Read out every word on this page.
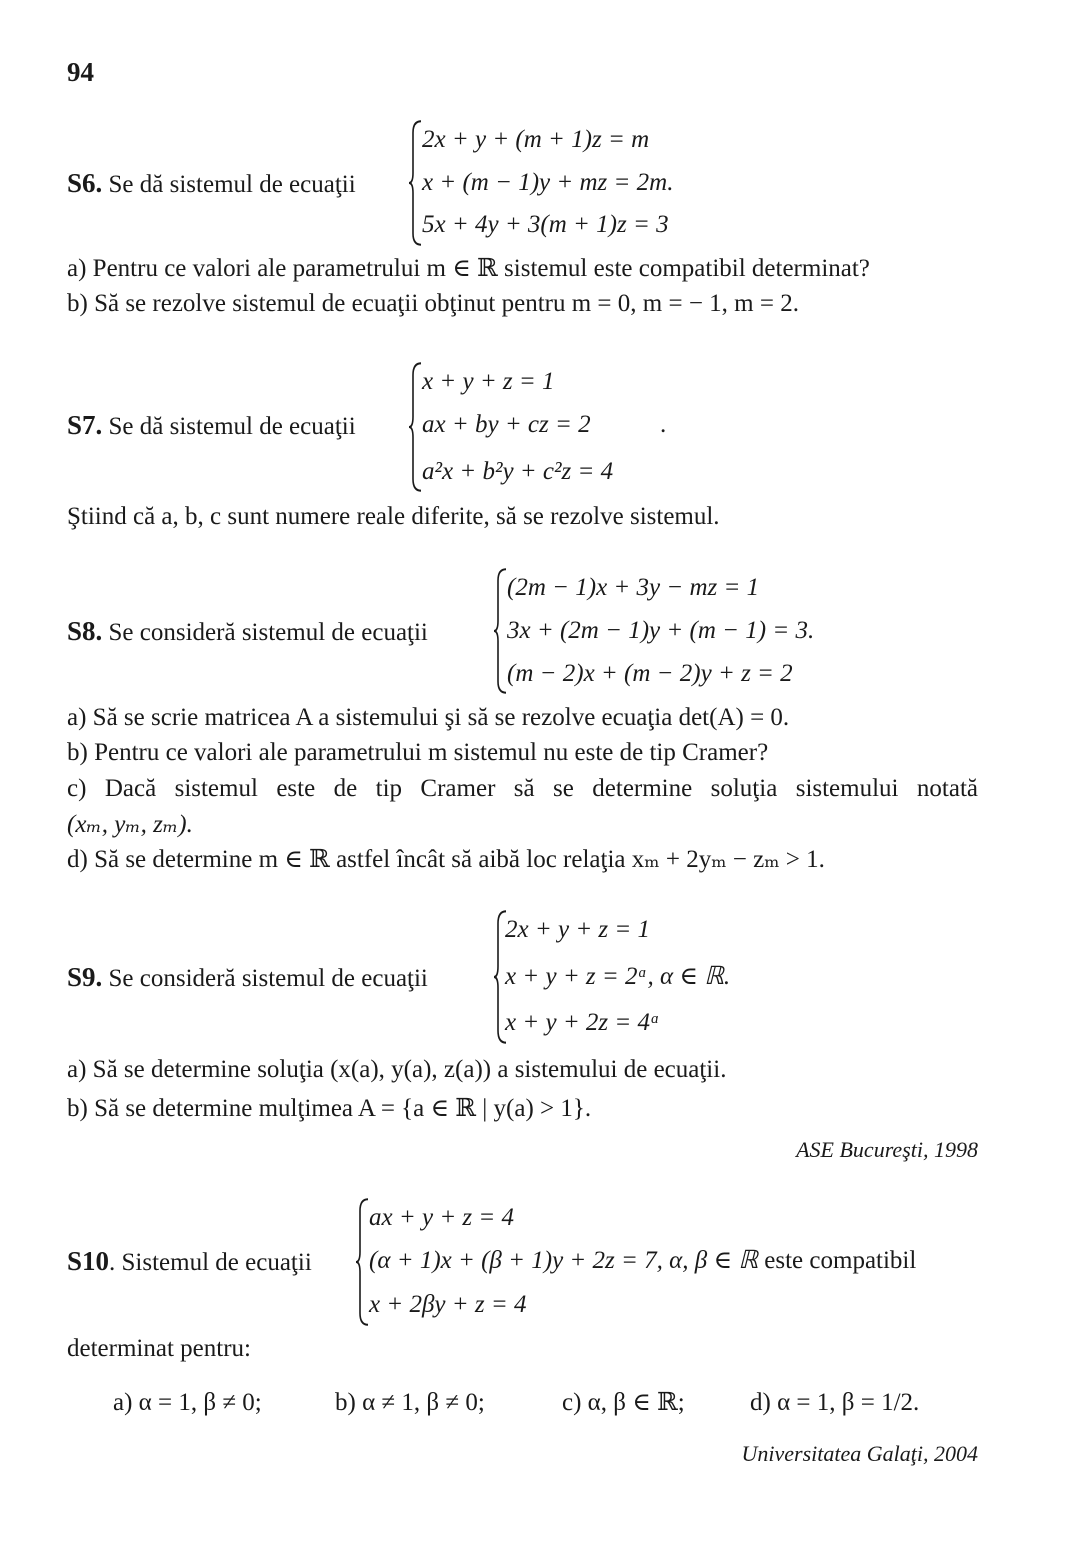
94
S6. Se dă sistemul de ecuaţii
2x + y + (m + 1)z = m
x + (m − 1)y + mz = 2m.
5x + 4y + 3(m + 1)z = 3
a) Pentru ce valori ale parametrului m ∈ ℝ sistemul este compatibil determinat?
b) Să se rezolve sistemul de ecuaţii obţinut pentru m = 0, m = − 1, m = 2.
S7. Se dă sistemul de ecuaţii
x + y + z = 1
ax + by + cz = 2
a²x + b²y + c²z = 4
.
Ştiind că a, b, c sunt numere reale diferite, să se rezolve sistemul.
S8. Se consideră sistemul de ecuaţii
(2m − 1)x + 3y − mz = 1
3x + (2m − 1)y + (m − 1) = 3.
(m − 2)x + (m − 2)y + z = 2
a) Să se scrie matricea A a sistemului şi să se rezolve ecuaţia det(A) = 0.
b) Pentru ce valori ale parametrului m sistemul nu este de tip Cramer?
c) Dacă sistemul este de tip Cramer să se determine soluţia sistemului notată
(xₘ, yₘ, zₘ).
d) Să se determine m ∈ ℝ astfel încât să aibă loc relaţia xₘ + 2yₘ − zₘ > 1.
S9. Se consideră sistemul de ecuaţii
2x + y + z = 1
x + y + z = 2ᵅ, α ∈ ℝ.
x + y + 2z = 4ᵅ
a) Să se determine soluţia (x(a), y(a), z(a)) a sistemului de ecuaţii.
b) Să se determine mulţimea A = {a ∈ ℝ | y(a) > 1}.
ASE Bucureşti, 1998
S10. Sistemul de ecuaţii
ax + y + z = 4
(α + 1)x + (β + 1)y + 2z = 7, α, β ∈ ℝ este compatibil
x + 2βy + z = 4
determinat pentru:
a) α = 1, β ≠ 0;	b) α ≠ 1, β ≠ 0;	c) α, β ∈ ℝ;	d) α = 1, β = 1/2.
Universitatea Galaţi, 2004
